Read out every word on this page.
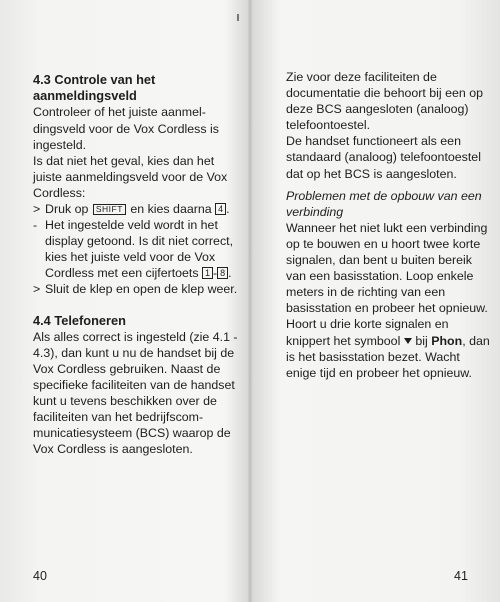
4.3 Controle van het
aanmeldingsveld

Controleer of het juiste aanmeldingsveld voor de Vox Cordless is ingesteld.

Is dat niet het geval, kies dan het juiste aanmeldingsveld voor de Vox Cordless:

> Druk op SHIFT en kies daarna 4 .
- Het ingestelde veld wordt in het display getoond. Is dit niet correct, kies het juiste veld voor de Vox Cordless met een cijfertoets 1 - 8 .
> Sluit de klep en open de klep weer.

4.4 Telefoneren

Als alles correct is ingesteld (zie 4.1 - 4.3), dan kunt u nu de handset bij de Vox Cordless gebruiken. Naast de specifieke faciliteiten van de handset kunt u tevens beschikken over de faciliteiten van het bedrijfscommunicatiesysteem (BCS) waarop de Vox Cordless is aangesloten.

40

Zie voor deze faciliteiten de documentatie die behoort bij een op deze BCS aangesloten (analoog) telefoontoestel.

De handset functioneert als een standaard (analoog) telefoontoestel dat op het BCS is aangesloten.

Problemen met de opbouw van een verbinding

Wanneer het niet lukt een verbinding op te bouwen en u hoort twee korte signalen, dan bent u buiten bereik van een basisstation. Loop enkele meters in de richting van een basisstation en probeer het opnieuw.

Hoort u drie korte signalen en knippert het symbool bij Phon, dan is het basisstation bezet. Wacht enige tijd en probeer het opnieuw.

41
